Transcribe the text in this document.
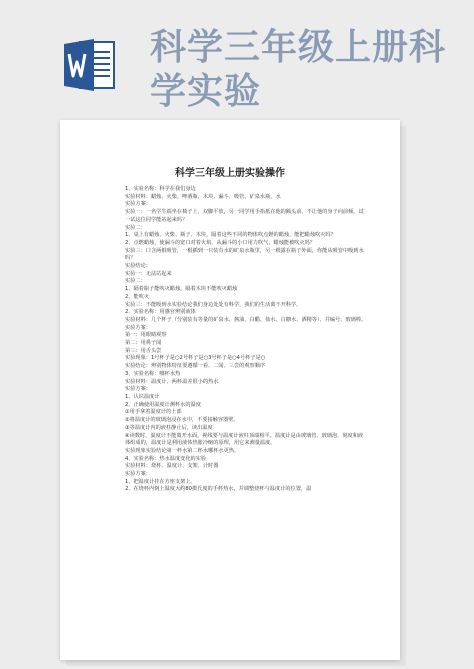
科学三年级上册科学实验
科学三年级上册实验操作

1、实验名称：科学在我们身边

实验材料：蜡烛、火柴、啤酒瓶、木块、漏斗、吸管、矿泉水瓶、水

实验方案：

实验一：一名学生端坐在椅子上，双脚平放，另一同学用手指抵在他的额头前，不让他的身子向前倾。试一试这位同学能站起来吗？

实验二：

1、桌上有蜡烛、火柴、瓶子、木块，隔着这些不同的物体吹点燃的蜡烛，能把蜡烛吹灭吗？

2、点燃蜡烛，使漏斗的宽口对着火焰，从漏斗的小口用力吹气，蜡烛能被吹灭吗？

实验三：口含两根吸管，一根插到一只装有水的矿泉水瓶里，另一根露在瓶子外面，你能从吸管中吸到水吗？

实验结论：

实验一：无法站起来

实验二：

1、隔着瓶子能吹灭蜡烛，隔着木块不能吹灭蜡烛

2、能吹灭

实验三：不能吸到水实验结论我们身边处处有科学，我们的生活离不开科学。

2、实验名称：用感官辨别液体

实验材料：几个杯子（分别装有等量的矿泉水、酱油、白醋、盐水、白糖水、酒精等）、并编号、玻璃棒。

实验方案：

第一：用眼睛观察

第二：用鼻子闻

第三：用舌头尝

实验现象：1号杯子是○2号杯子是○3号杯子是○4号杯子是○

实验结论：辨别物体特征要遵循一看、二闻、三尝的观察顺序

3、实验名称：哪杯水热

实验材料：温度计、两杯温差很小的热水

实验方案：

1、认识温度计

2、正确使用温度计测杯水的温度

①用手拿着温度计的上部

②将温度计的玻璃泡浸在水中，不要接触容器壁。

③等温度计内的液柱静止后，读出温度

④读数时，温度计不能离开水面，视线要与温度计液柱顶端相平。温度计是由玻璃管、玻璃泡、刻度和液体组成的，温度计是利用液体热胀冷缩的原理，用它来测量温度。

实验现象实验结论第一杯水第二杯水哪杯水更热。

4、实验名称：热水温度变化的实验

实验材料：烧杯、温度计、支架、计时器

实验方案：

1、把温度计挂在方座支架上。

2、在烧杯内倒上温度大约80摄氏度的手杯热水，并调整烧杯与温度计的位置，温
